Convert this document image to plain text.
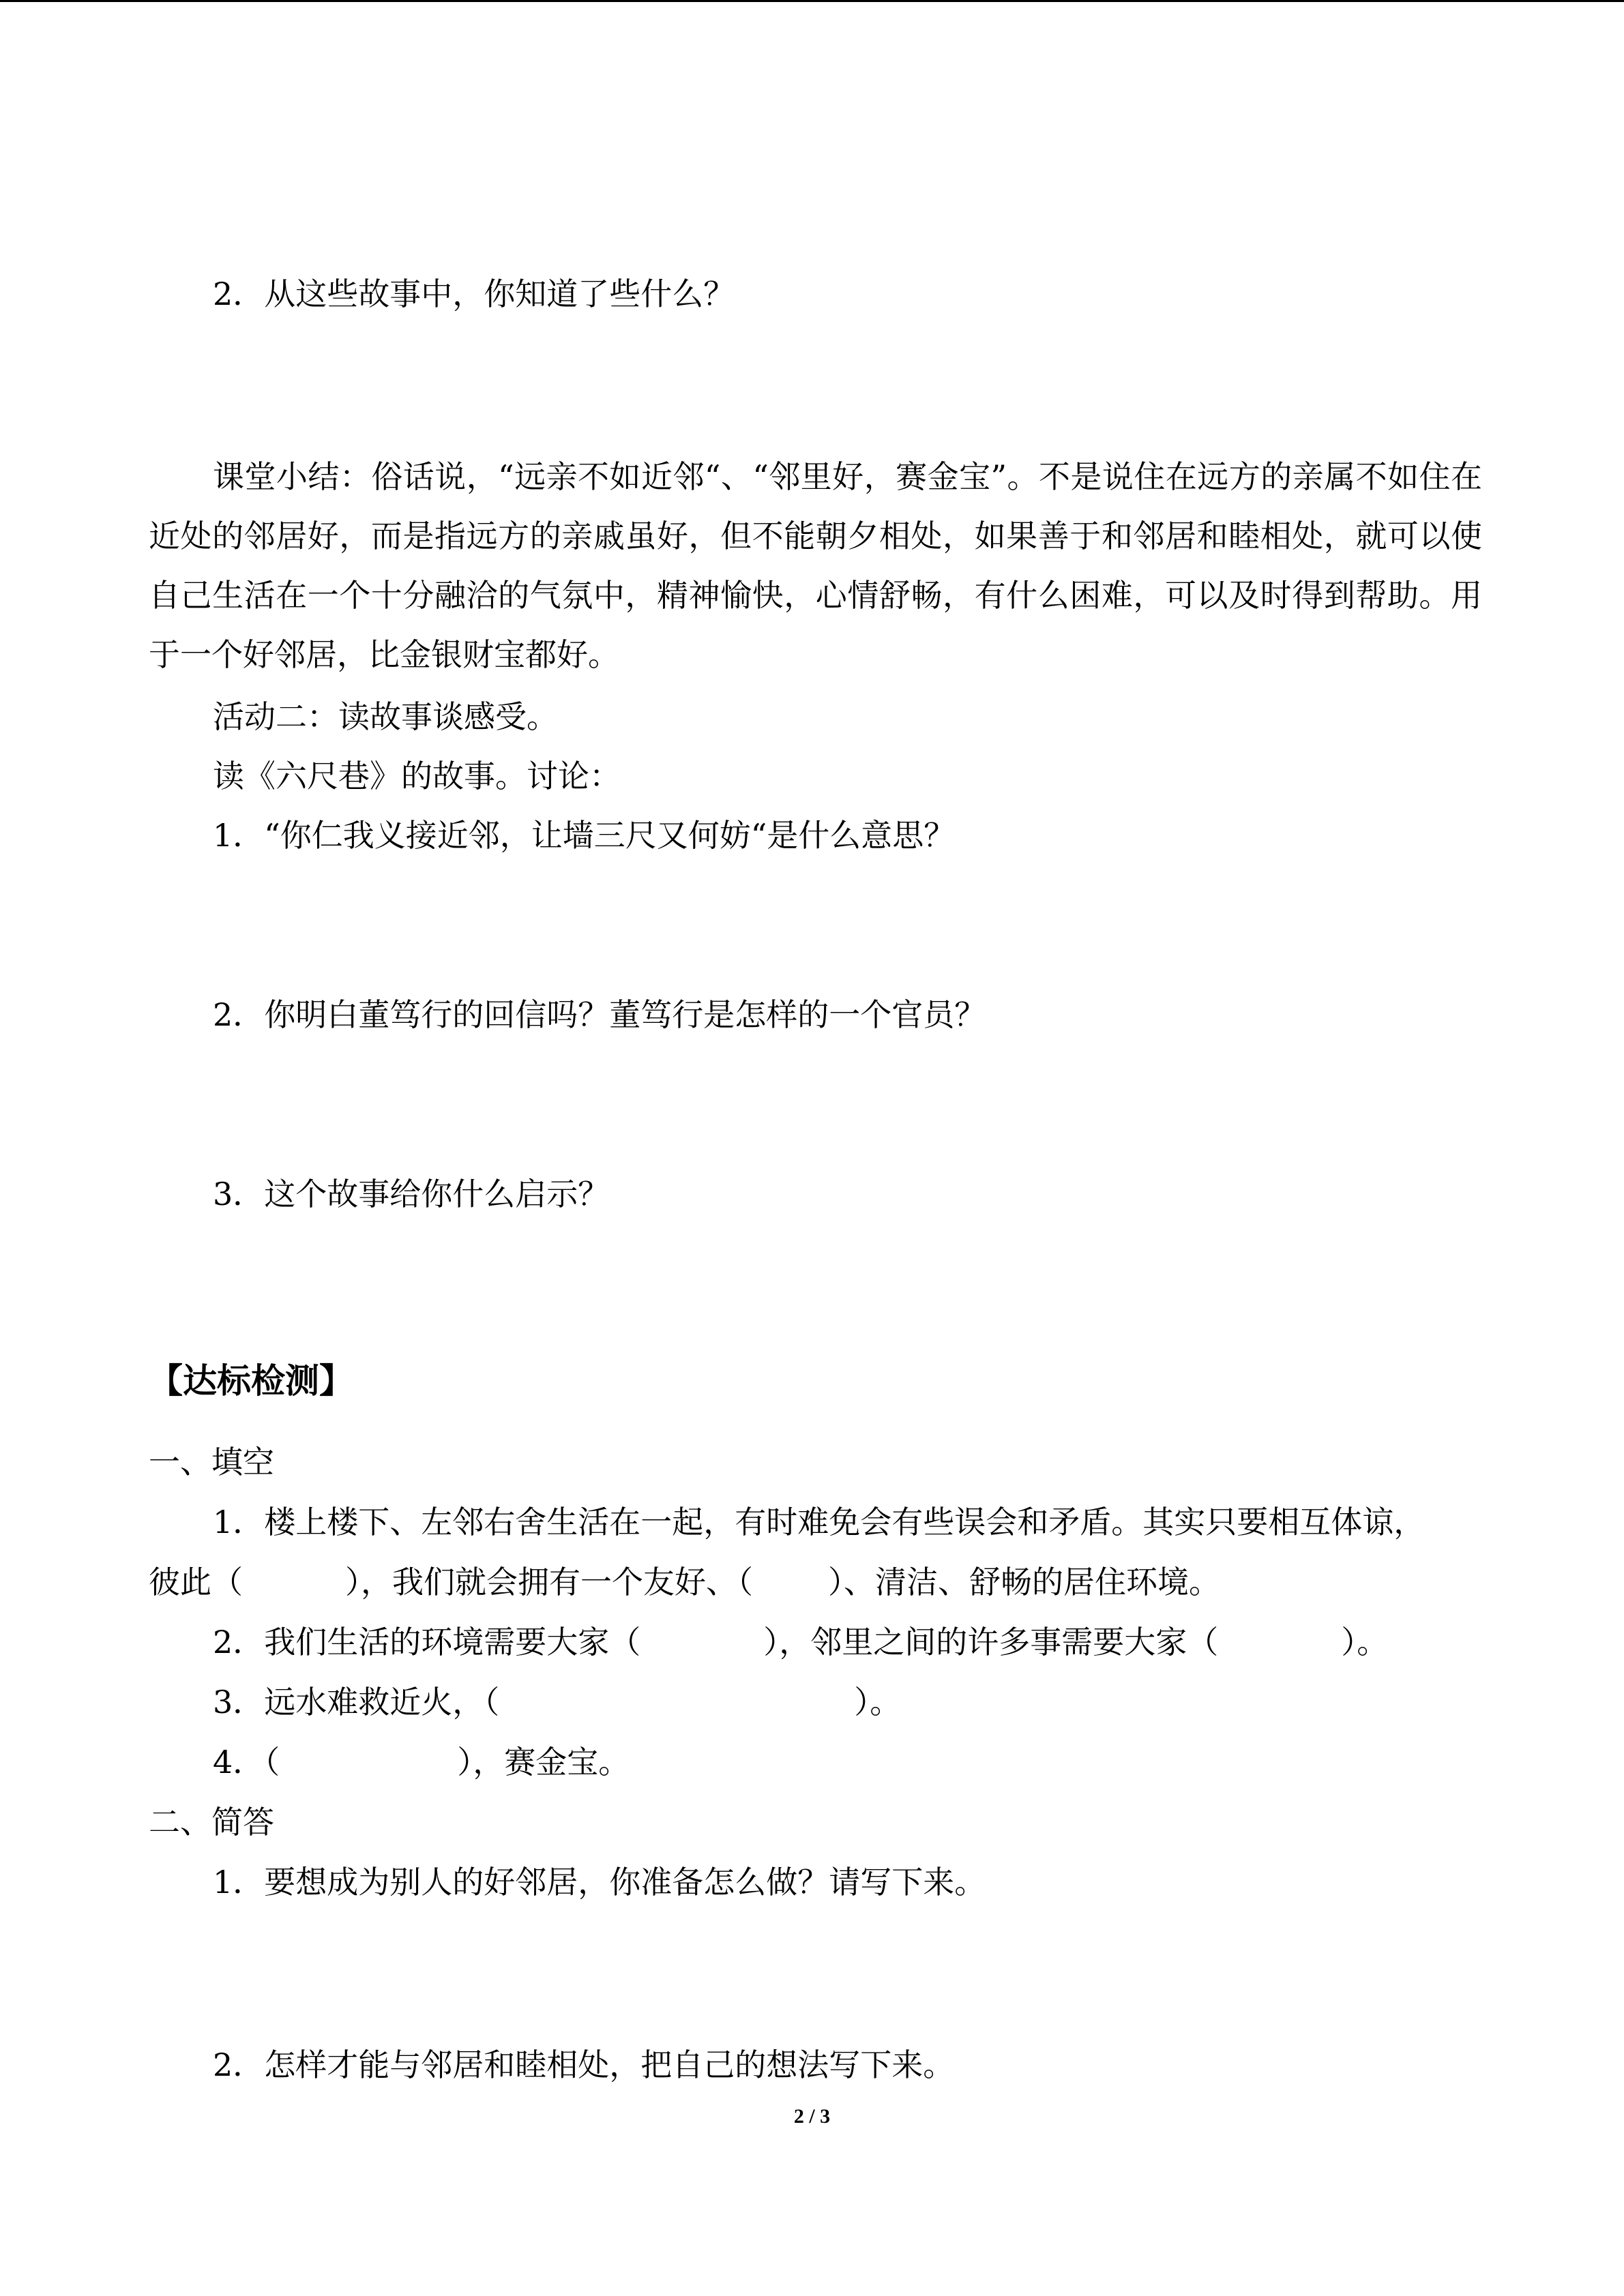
2．从这些故事中，你知道了些什么？
课堂小结：俗话说，“远亲不如近邻“、“邻里好，赛金宝”。不是说住在远方的亲属不如住在近处的邻居好，而是指远方的亲戚虽好，但不能朝夕相处，如果善于和邻居和睦相处，就可以使自己生活在一个十分融洽的气氛中，精神愉快，心情舒畅，有什么困难，可以及时得到帮助。用于一个好邻居，比金银财宝都好。
活动二：读故事谈感受。
读《六尺巷》的故事。讨论：
1．“你仁我义接近邻，让墙三尺又何妨“是什么意思？
2．你明白董笃行的回信吗？董笃行是怎样的一个官员？
3．这个故事给你什么启示？
【达标检测】
一、填空
1．楼上楼下、左邻右舍生活在一起，有时难免会有些误会和矛盾。其实只要相互体谅，
彼此（	），我们就会拥有一个友好、（ ）、清洁、舒畅的居住环境。
2．我们生活的环境需要大家（	），邻里之间的许多事需要大家（	）。
3．远水难救近火，（	）。
4．（	），赛金宝。
二、简答
1．要想成为别人的好邻居，你准备怎么做？请写下来。
2．怎样才能与邻居和睦相处，把自己的想法写下来。
2 / 3
